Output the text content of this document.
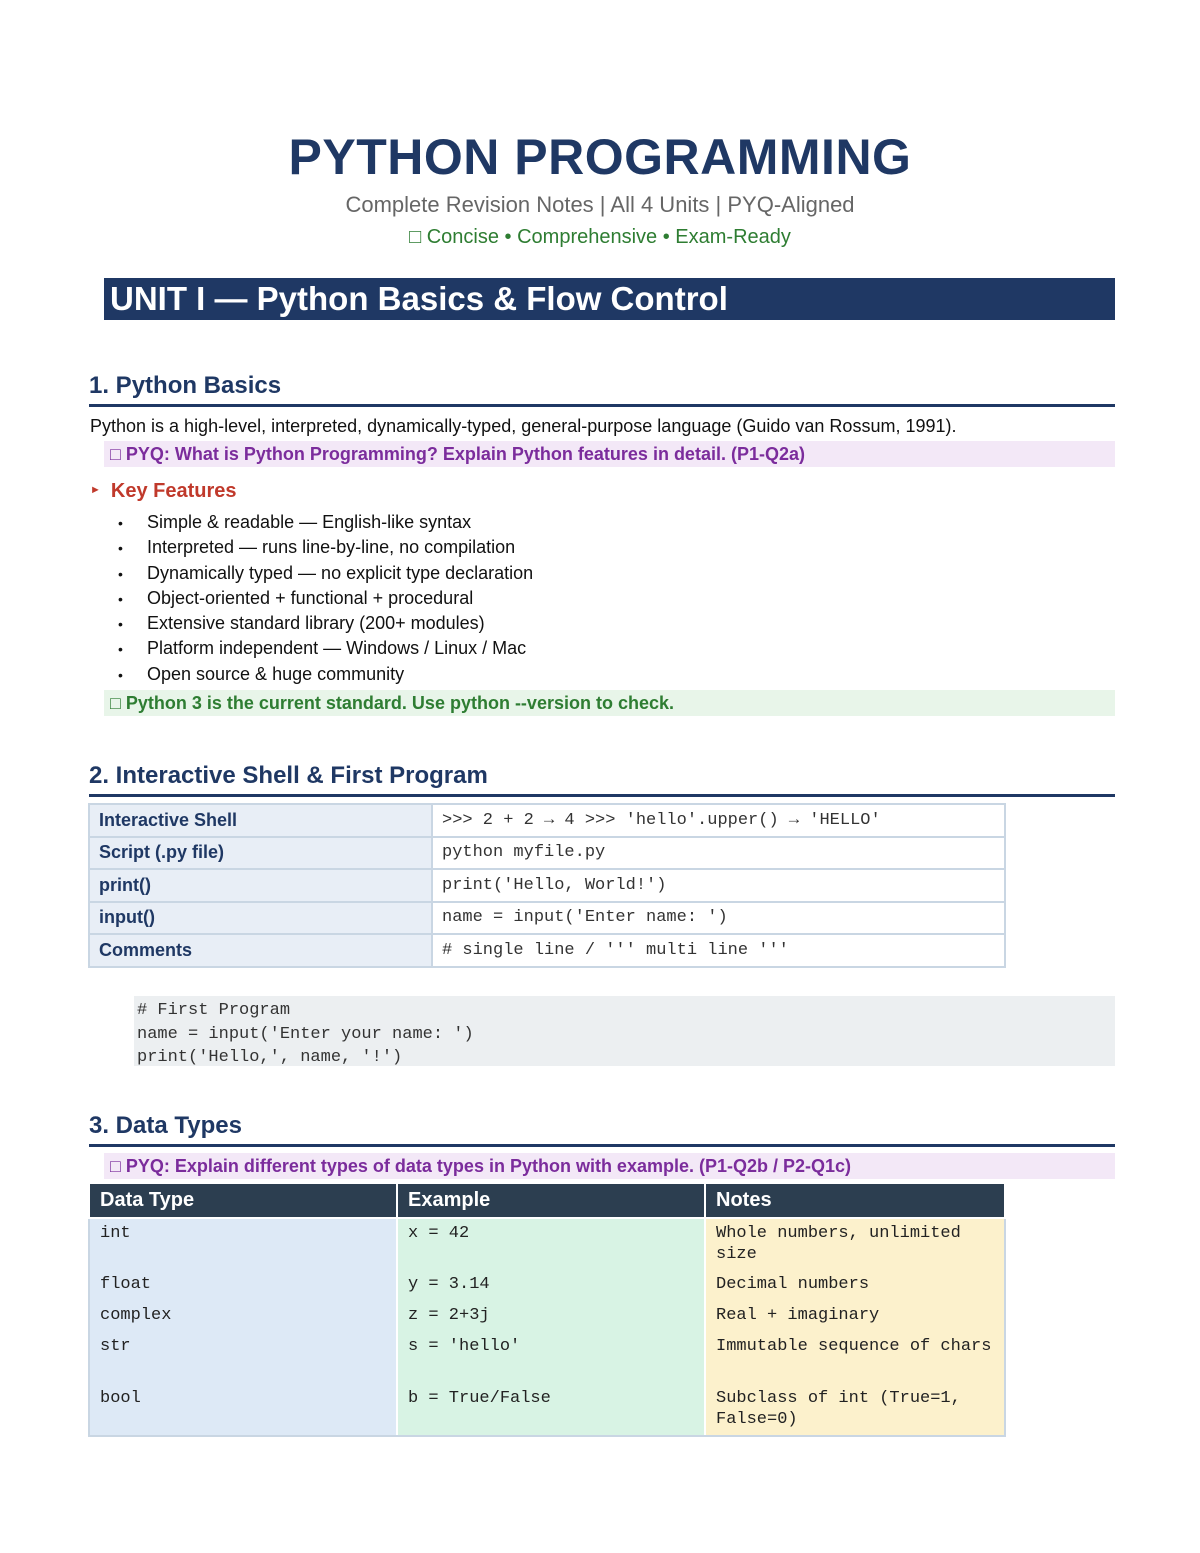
PYTHON PROGRAMMING
Complete Revision Notes | All 4 Units | PYQ-Aligned
□ Concise • Comprehensive • Exam-Ready
UNIT I — Python Basics & Flow Control
1. Python Basics
Python is a high-level, interpreted, dynamically-typed, general-purpose language (Guido van Rossum, 1991).
□ PYQ: What is Python Programming? Explain Python features in detail. (P1-Q2a)
► Key Features
• Simple & readable — English-like syntax
• Interpreted — runs line-by-line, no compilation
• Dynamically typed — no explicit type declaration
• Object-oriented + functional + procedural
• Extensive standard library (200+ modules)
• Platform independent — Windows / Linux / Mac
• Open source & huge community
□ Python 3 is the current standard. Use python --version to check.
2. Interactive Shell & First Program
Interactive Shell	>>> 2 + 2 → 4 >>> 'hello'.upper() → 'HELLO'
Script (.py file)	python myfile.py
print()	print('Hello, World!')
input()	name = input('Enter name: ')
Comments	# single line / ''' multi line '''
# First Program
name = input('Enter your name: ')
print('Hello,', name, '!')
3. Data Types
□ PYQ: Explain different types of data types in Python with example. (P1-Q2b / P2-Q1c)
Data Type	Example	Notes
int	x = 42	Whole numbers, unlimited size
float	y = 3.14	Decimal numbers
complex	z = 2+3j	Real + imaginary
str	s = 'hello'	Immutable sequence of chars
bool	b = True/False	Subclass of int (True=1, False=0)
